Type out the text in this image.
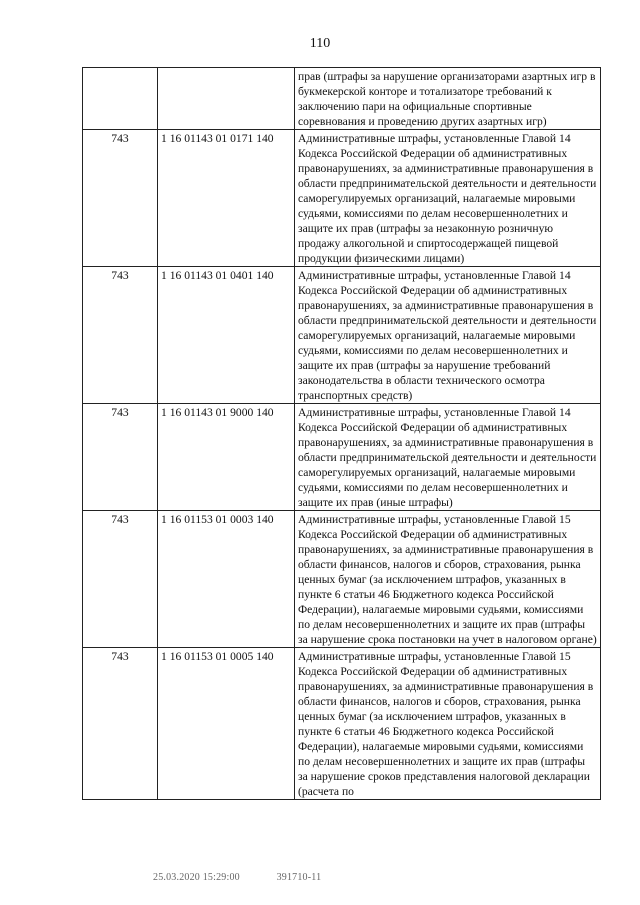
110
		прав (штрафы за нарушение организаторами азартных игр в букмекерской конторе и тотализаторе требований к заключению пари на официальные спортивные соревнования и проведению других азартных игр)
743	1 16 01143 01 0171 140	Административные штрафы, установленные Главой 14 Кодекса Российской Федерации об административных правонарушениях, за административные правонарушения в области предпринимательской деятельности и деятельности саморегулируемых организаций, налагаемые мировыми судьями, комиссиями по делам несовершеннолетних и защите их прав (штрафы за незаконную розничную продажу алкогольной и спиртосодержащей пищевой продукции физическими лицами)
743	1 16 01143 01 0401 140	Административные штрафы, установленные Главой 14 Кодекса Российской Федерации об административных правонарушениях, за административные правонарушения в области предпринимательской деятельности и деятельности саморегулируемых организаций, налагаемые мировыми судьями, комиссиями по делам несовершеннолетних и защите их прав (штрафы за нарушение требований законодательства в области технического осмотра транспортных средств)
743	1 16 01143 01 9000 140	Административные штрафы, установленные Главой 14 Кодекса Российской Федерации об административных правонарушениях, за административные правонарушения в области предпринимательской деятельности и деятельности саморегулируемых организаций, налагаемые мировыми судьями, комиссиями по делам несовершеннолетних и защите их прав (иные штрафы)
743	1 16 01153 01 0003 140	Административные штрафы, установленные Главой 15 Кодекса Российской Федерации об административных правонарушениях, за административные правонарушения в области финансов, налогов и сборов, страхования, рынка ценных бумаг (за исключением штрафов, указанных в пункте 6 статьи 46 Бюджетного кодекса Российской Федерации), налагаемые мировыми судьями, комиссиями по делам несовершеннолетних и защите их прав (штрафы за нарушение срока постановки на учет в налоговом органе)
743	1 16 01153 01 0005 140	Административные штрафы, установленные Главой 15 Кодекса Российской Федерации об административных правонарушениях, за административные правонарушения в области финансов, налогов и сборов, страхования, рынка ценных бумаг (за исключением штрафов, указанных в пункте 6 статьи 46 Бюджетного кодекса Российской Федерации), налагаемые мировыми судьями, комиссиями по делам несовершеннолетних и защите их прав (штрафы за нарушение сроков представления налоговой декларации (расчета по
25.03.2020 15:29:00	391710-11
